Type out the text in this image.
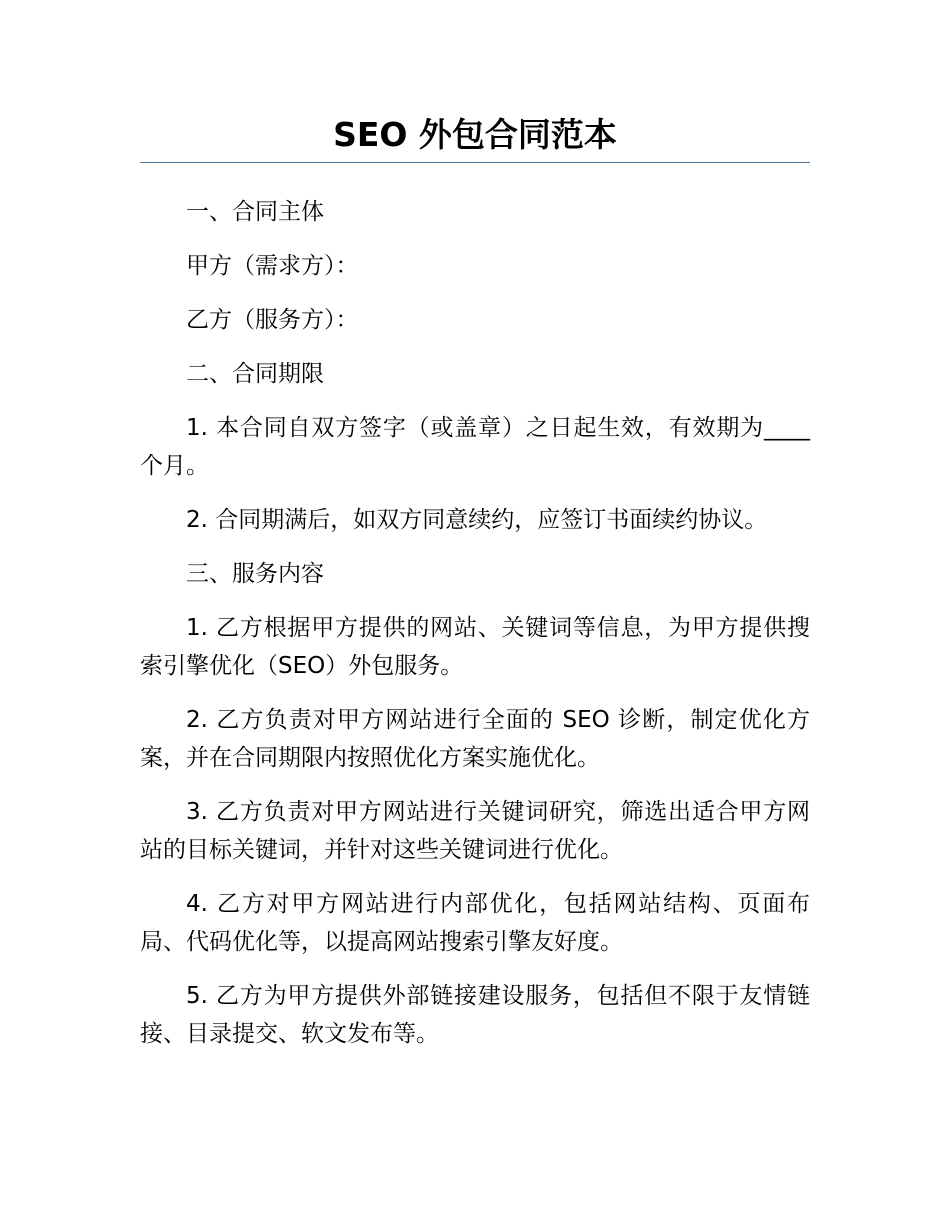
SEO 外包合同范本

一、合同主体

甲方（需求方）：

乙方（服务方）：

二、合同期限

1. 本合同自双方签字（或盖章）之日起生效，有效期为____个月。

2. 合同期满后，如双方同意续约，应签订书面续约协议。

三、服务内容

1. 乙方根据甲方提供的网站、关键词等信息，为甲方提供搜索引擎优化（SEO）外包服务。

2. 乙方负责对甲方网站进行全面的 SEO 诊断，制定优化方案，并在合同期限内按照优化方案实施优化。

3. 乙方负责对甲方网站进行关键词研究，筛选出适合甲方网站的目标关键词，并针对这些关键词进行优化。

4. 乙方对甲方网站进行内部优化，包括网站结构、页面布局、代码优化等，以提高网站搜索引擎友好度。

5. 乙方为甲方提供外部链接建设服务，包括但不限于友情链接、目录提交、软文发布等。
